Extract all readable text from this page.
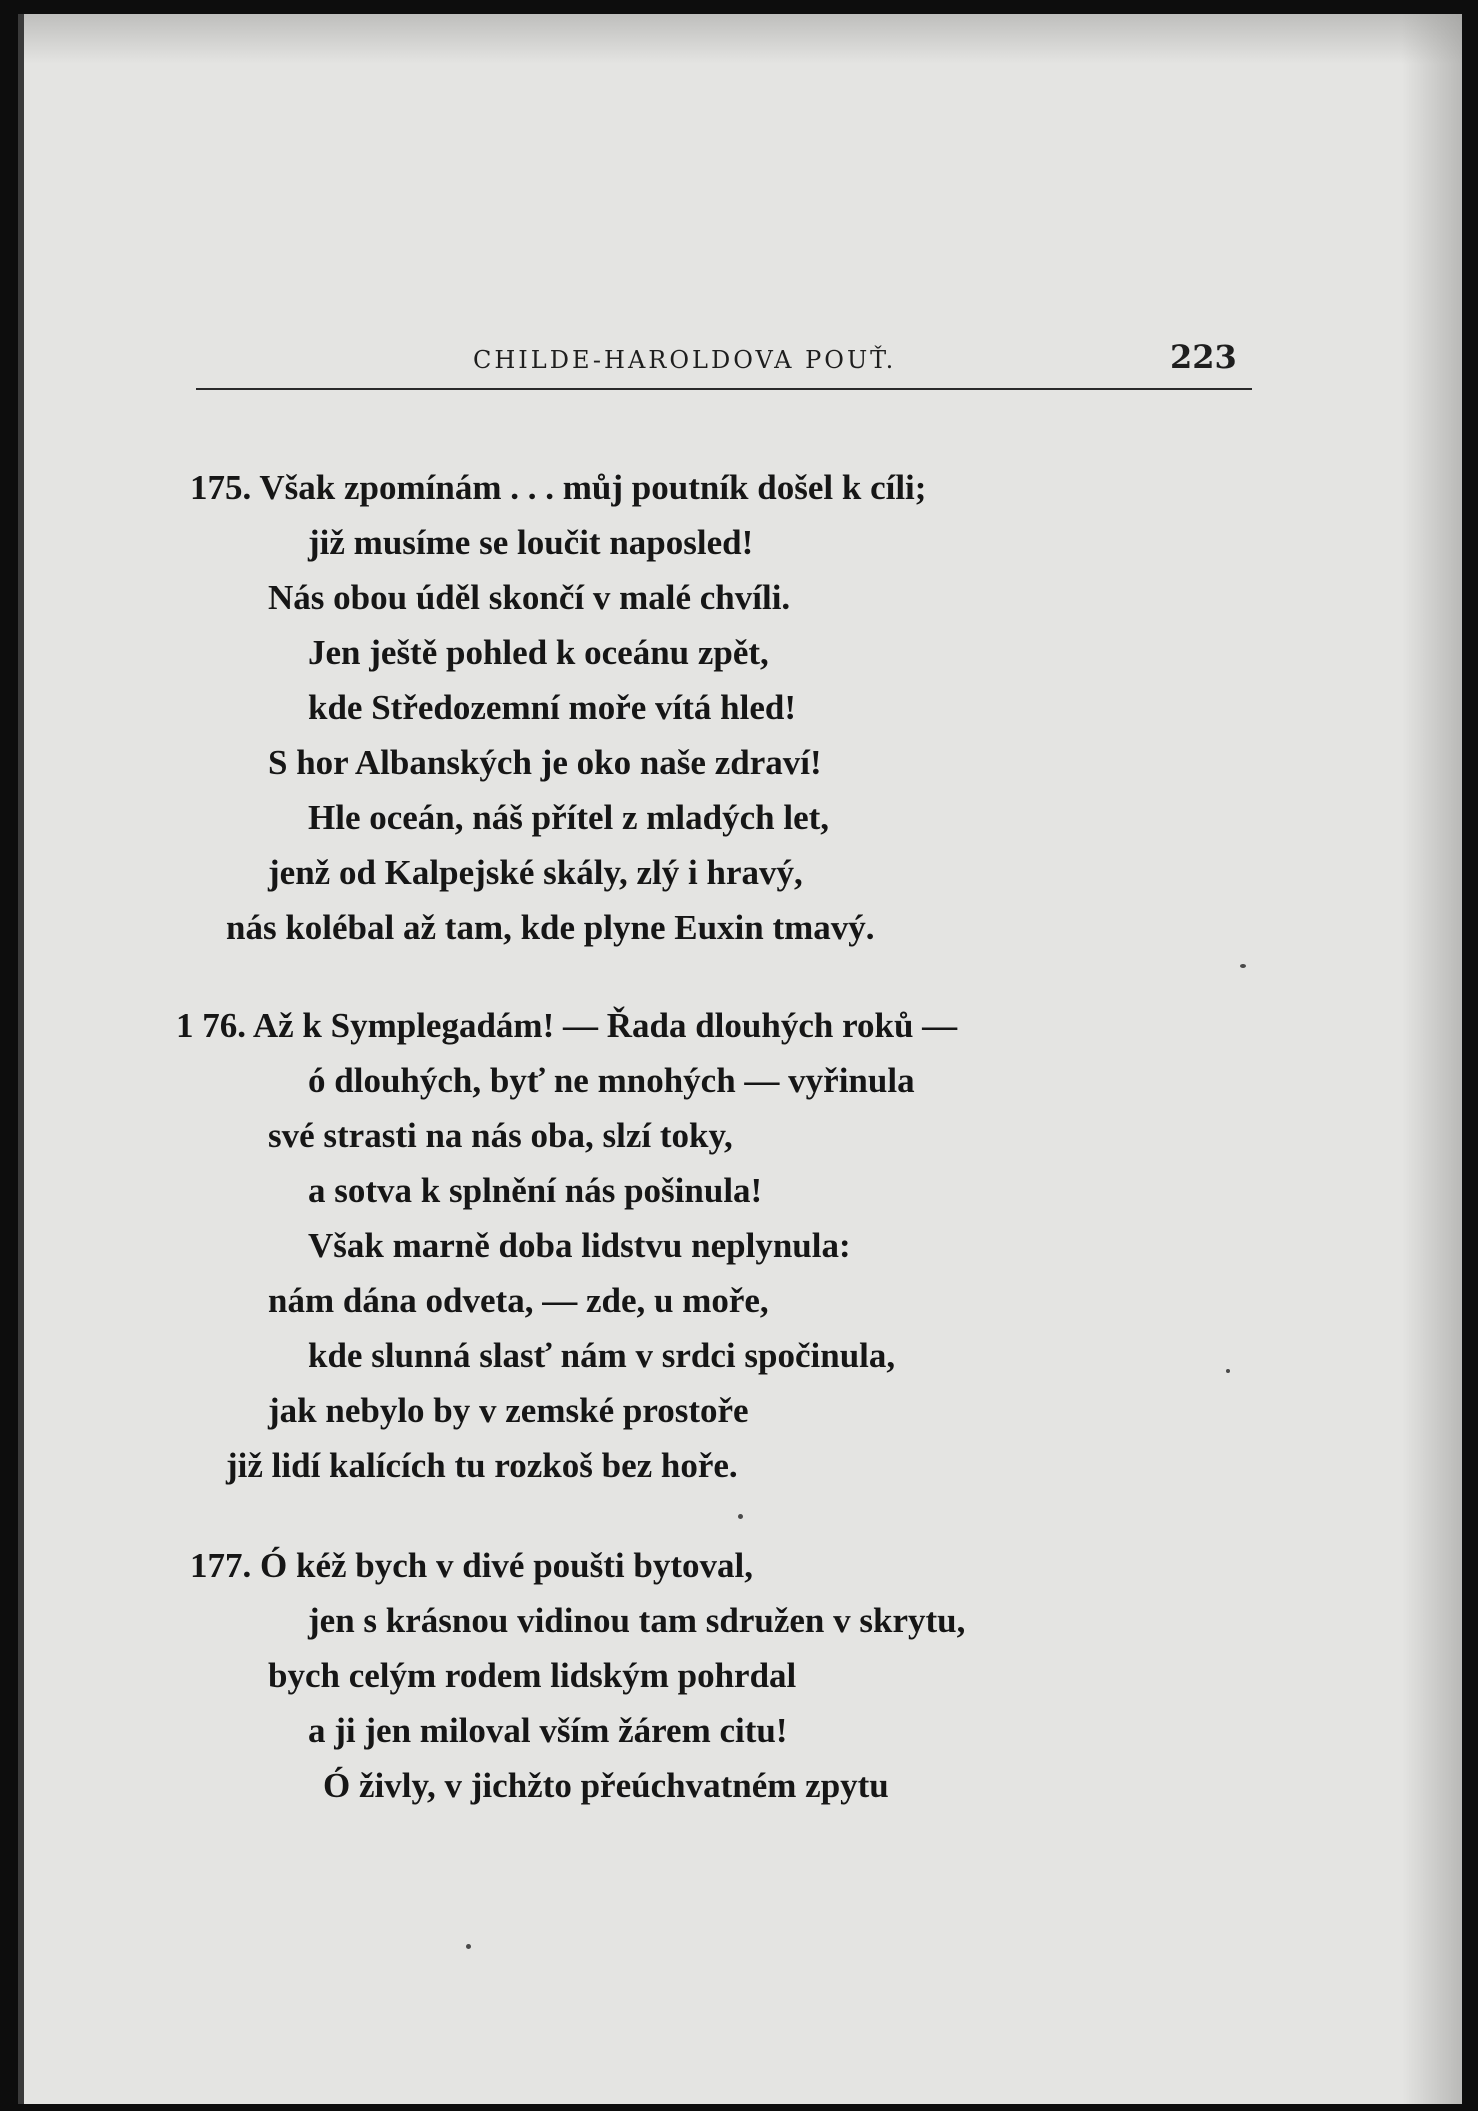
CHILDE-HAROLDOVA POUŤ.	223
175. Však zpomínám . . . můj poutník došel k cíli;
již musíme se loučit naposled!
Nás obou úděl skončí v malé chvíli.
Jen ještě pohled k oceánu zpět,
kde Středozemní moře vítá hled!
S hor Albanských je oko naše zdraví!
Hle oceán, náš přítel z mladých let,
jenž od Kalpejské skály, zlý i hravý,
nás kolébal až tam, kde plyne Euxin tmavý.
1 76. Až k Symplegadám! — Řada dlouhých roků —
ó dlouhých, byť ne mnohých — vyřinula
své strasti na nás oba, slzí toky,
a sotva k splnění nás pošinula!
Však marně doba lidstvu neplynula:
nám dána odveta, — zde, u moře,
kde slunná slasť nám v srdci spočinula,
jak nebylo by v zemské prostoře
již lidí kalících tu rozkoš bez hoře.
177. Ó kéž bych v divé poušti bytoval,
jen s krásnou vidinou tam sdružen v skrytu,
bych celým rodem lidským pohrdal
a ji jen miloval vším žárem citu!
Ó živly, v jichžto přeúchvatném zpytu
